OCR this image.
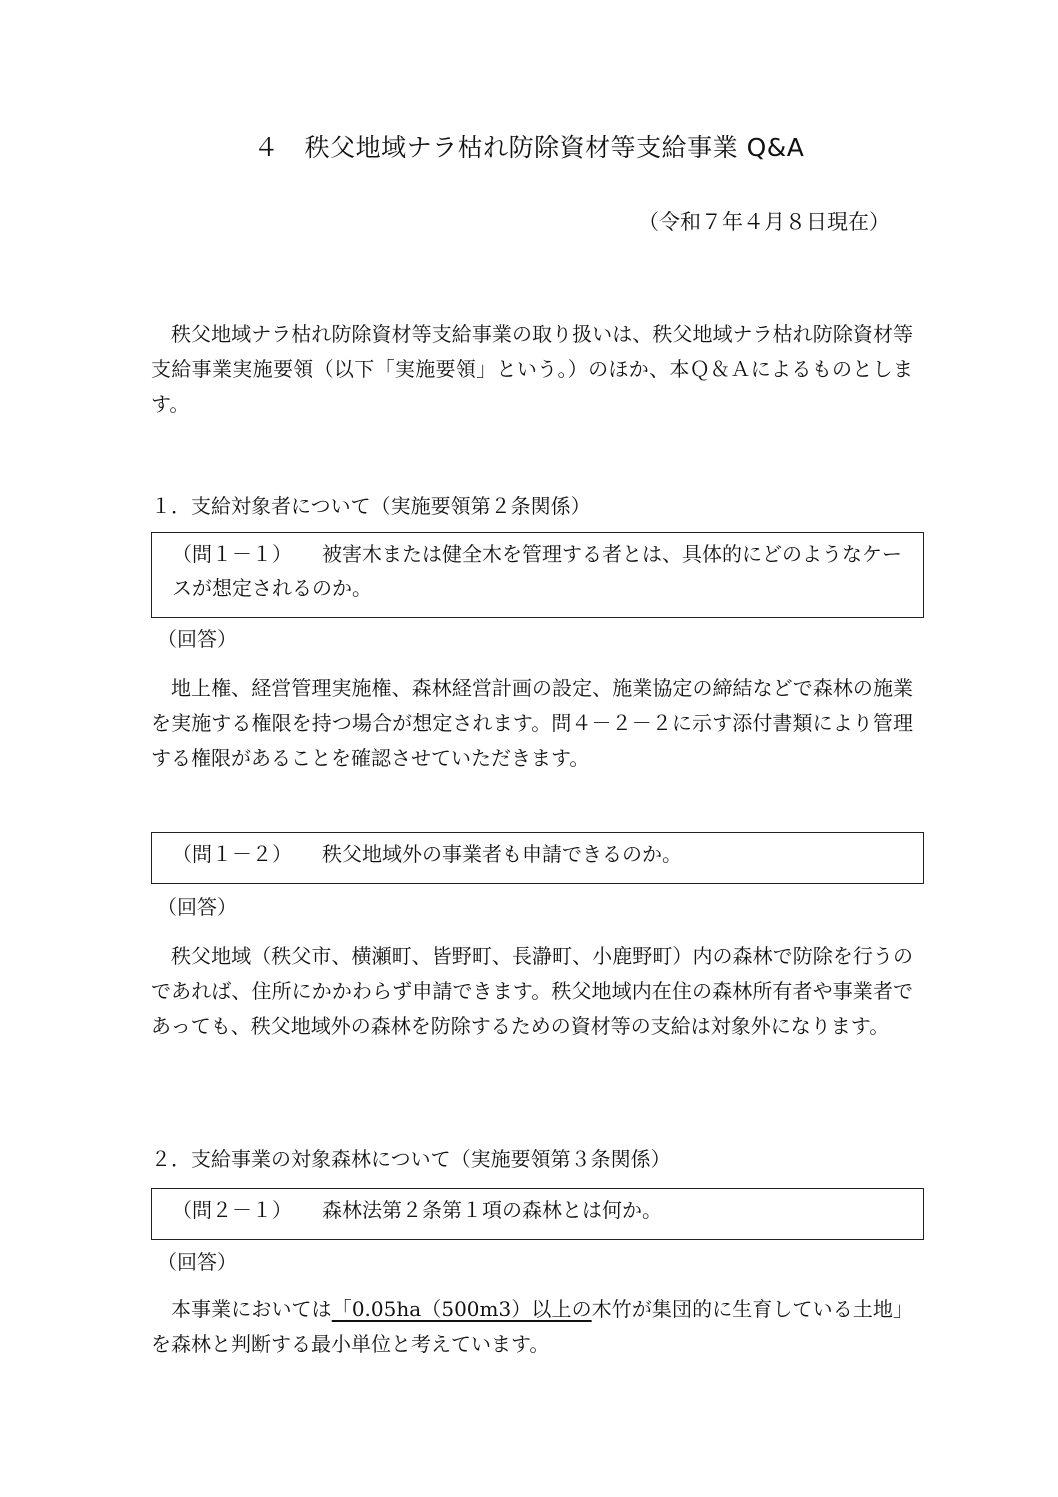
４　秩父地域ナラ枯れ防除資材等支給事業 Q&A
（令和７年４月８日現在）

秩父地域ナラ枯れ防除資材等支給事業の取り扱いは、秩父地域ナラ枯れ防除資材等支給事業実施要領（以下「実施要領」という。）のほか、本Ｑ＆Ａによるものとします。

１．支給対象者について（実施要領第２条関係）
（問１－１） 被害木または健全木を管理する者とは、具体的にどのようなケースが想定されるのか。
（回答）

地上権、経営管理実施権、森林経営計画の設定、施業協定の締結などで森林の施業を実施する権限を持つ場合が想定されます。問４－２－２に示す添付書類により管理する権限があることを確認させていただきます。

（問１－２） 秩父地域外の事業者も申請できるのか。
（回答）

秩父地域（秩父市、横瀬町、皆野町、長瀞町、小鹿野町）内の森林で防除を行うのであれば、住所にかかわらず申請できます。秩父地域内在住の森林所有者や事業者であっても、秩父地域外の森林を防除するための資材等の支給は対象外になります。

２．支給事業の対象森林について（実施要領第３条関係）
（問２－１） 森林法第２条第１項の森林とは何か。
（回答）

本事業においては「0.05ha（500m3）以上の木竹が集団的に生育している土地」を森林と判断する最小単位と考えています。
